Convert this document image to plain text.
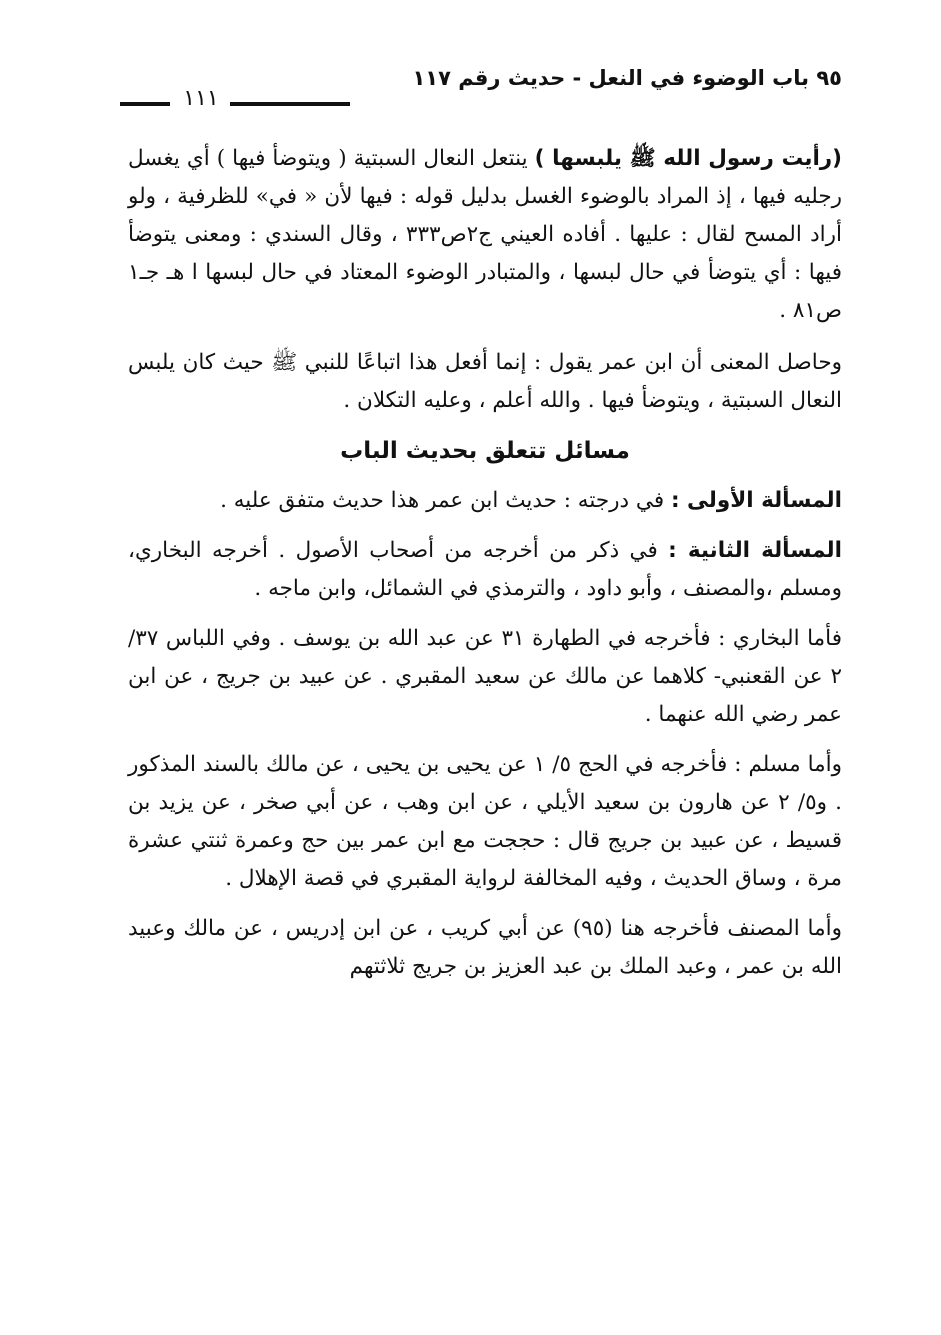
٩٥ باب الوضوء في النعل - حديث رقم ١١٧
١١١

(رأيت رسول الله ﷺ يلبسها ) ينتعل النعال السبتية ( ويتوضأ فيها ) أي يغسل رجليه فيها ، إذ المراد بالوضوء الغسل بدليل قوله : فيها لأن « في» للظرفية ، ولو أراد المسح لقال : عليها . أفاده العيني ج٢ص٣٣٣ ، وقال السندي : ومعنى يتوضأ فيها : أي يتوضأ في حال لبسها ، والمتبادر الوضوء المعتاد في حال لبسها ا هـ جـ١ ص٨١ .

وحاصل المعنى أن ابن عمر يقول : إنما أفعل هذا اتباعًا للنبي ﷺ حيث كان يلبس النعال السبتية ، ويتوضأ فيها . والله أعلم ، وعليه التكلان .

مسائل تتعلق بحديث الباب

المسألة الأولى : في درجته : حديث ابن عمر هذا حديث متفق عليه .

المسألة الثانية : في ذكر من أخرجه من أصحاب الأصول . أخرجه البخاري، ومسلم ،والمصنف ، وأبو داود ، والترمذي في الشمائل، وابن ماجه .

فأما البخاري : فأخرجه في الطهارة ٣١ عن عبد الله بن يوسف . وفي اللباس ٣٧/ ٢ عن القعنبي- كلاهما عن مالك عن سعيد المقبري . عن عبيد بن جريج ، عن ابن عمر رضي الله عنهما .

وأما مسلم : فأخرجه في الحج ٥/ ١ عن يحيى بن يحيى ، عن مالك بالسند المذكور . و٥/ ٢ عن هارون بن سعيد الأيلي ، عن ابن وهب ، عن أبي صخر ، عن يزيد بن قسيط ، عن عبيد بن جريج قال : حججت مع ابن عمر بين حج وعمرة ثنتي عشرة مرة ، وساق الحديث ، وفيه المخالفة لرواية المقبري في قصة الإهلال .

وأما المصنف فأخرجه هنا (٩٥) عن أبي كريب ، عن ابن إدريس ، عن مالك وعبيد الله بن عمر ، وعبد الملك بن عبد العزيز بن جريج ثلاثتهم
